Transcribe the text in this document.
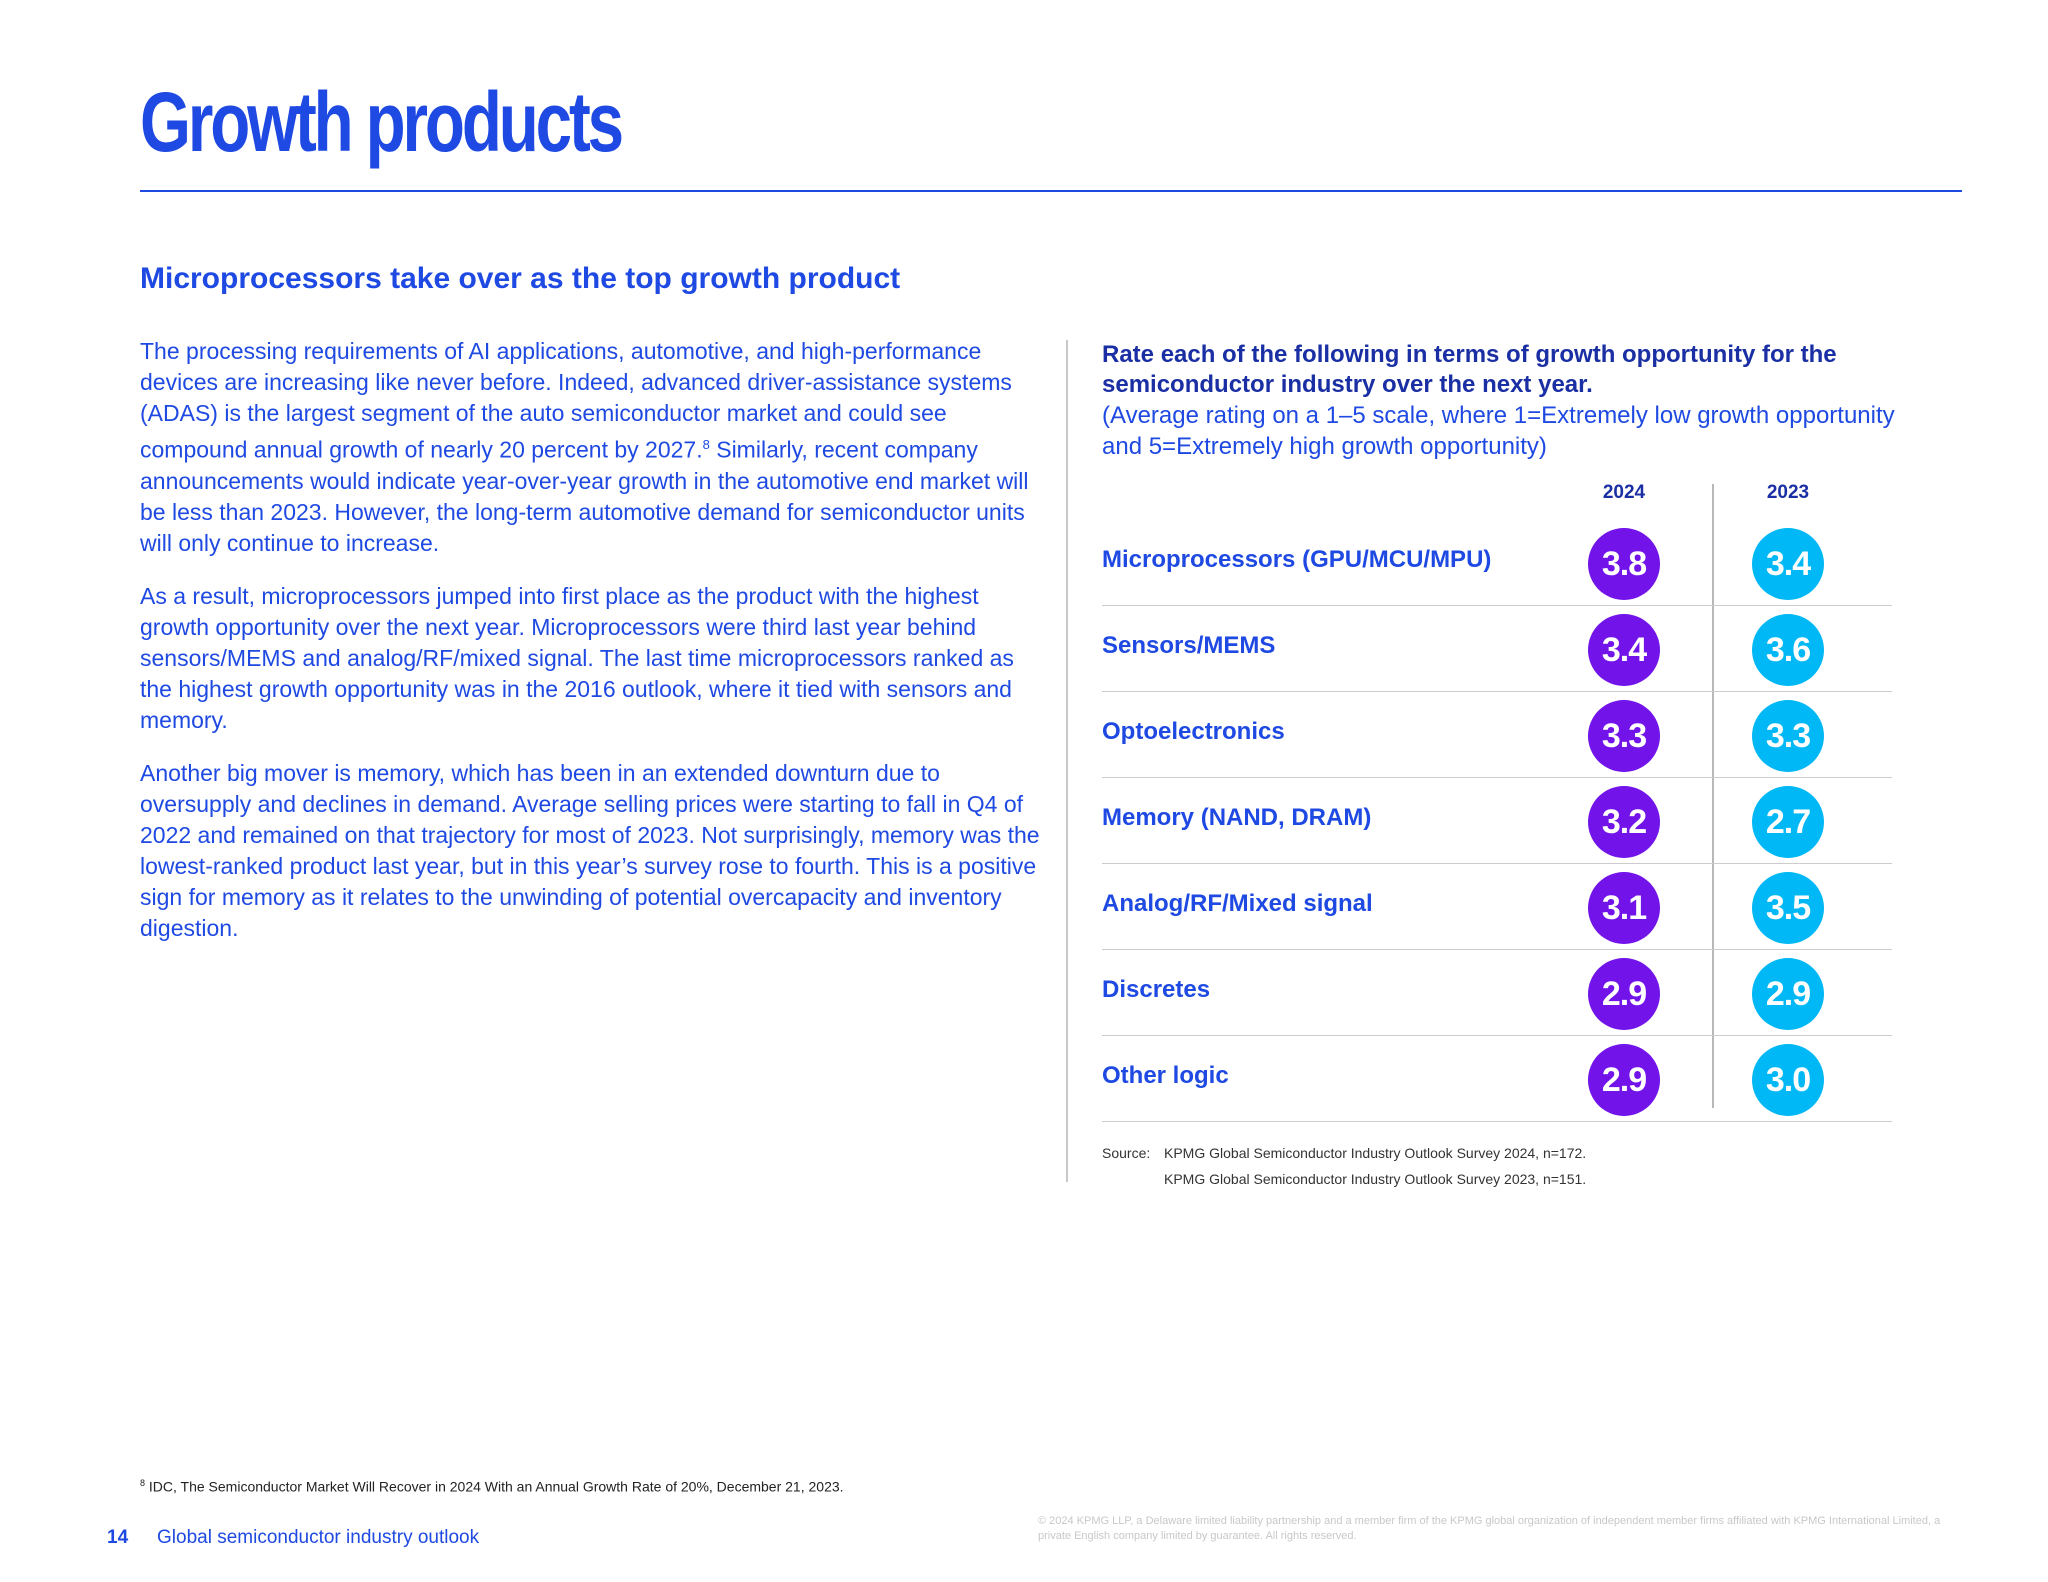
Growth products
Microprocessors take over as the top growth product

The processing requirements of AI applications, automotive, and high-performance devices are increasing like never before. Indeed, advanced driver-assistance systems (ADAS) is the largest segment of the auto semiconductor market and could see compound annual growth of nearly 20 percent by 2027.$^8$ Similarly, recent company announcements would indicate year-over-year growth in the automotive end market will be less than 2023. However, the long-term automotive demand for semiconductor units will only continue to increase.

As a result, microprocessors jumped into first place as the product with the highest growth opportunity over the next year. Microprocessors were third last year behind sensors/MEMS and analog/RF/mixed signal. The last time microprocessors ranked as the highest growth opportunity was in the 2016 outlook, where it tied with sensors and memory.

Another big mover is memory, which has been in an extended downturn due to oversupply and declines in demand. Average selling prices were starting to fall in Q4 of 2022 and remained on that trajectory for most of 2023. Not surprisingly, memory was the lowest-ranked product last year, but in this year’s survey rose to fourth. This is a positive sign for memory as it relates to the unwinding of potential overcapacity and inventory digestion.

Rate each of the following in terms of growth opportunity for the semiconductor industry over the next year.

(Average rating on a 1–5 scale, where 1=Extremely low growth opportunity and 5=Extremely high growth opportunity)

2024	2023
Microprocessors (GPU/MCU/MPU)	3.8	3.4
Sensors/MEMS	3.4	3.6
Optoelectronics	3.3	3.3
Memory (NAND, DRAM)	3.2	2.7
Analog/RF/Mixed signal	3.1	3.5
Discretes	2.9	2.9
Other logic	2.9	3.0
Source: KPMG Global Semiconductor Industry Outlook Survey 2024, n=172.
KPMG Global Semiconductor Industry Outlook Survey 2023, n=151.
$^8$ IDC, The Semiconductor Market Will Recover in 2024 With an Annual Growth Rate of 20%, December 21, 2023.
14 Global semiconductor industry outlook
© 2024 KPMG LLP, a Delaware limited liability partnership and a member firm of the KPMG global organization of independent member firms affiliated with KPMG International Limited, a private English company limited by guarantee. All rights reserved.
